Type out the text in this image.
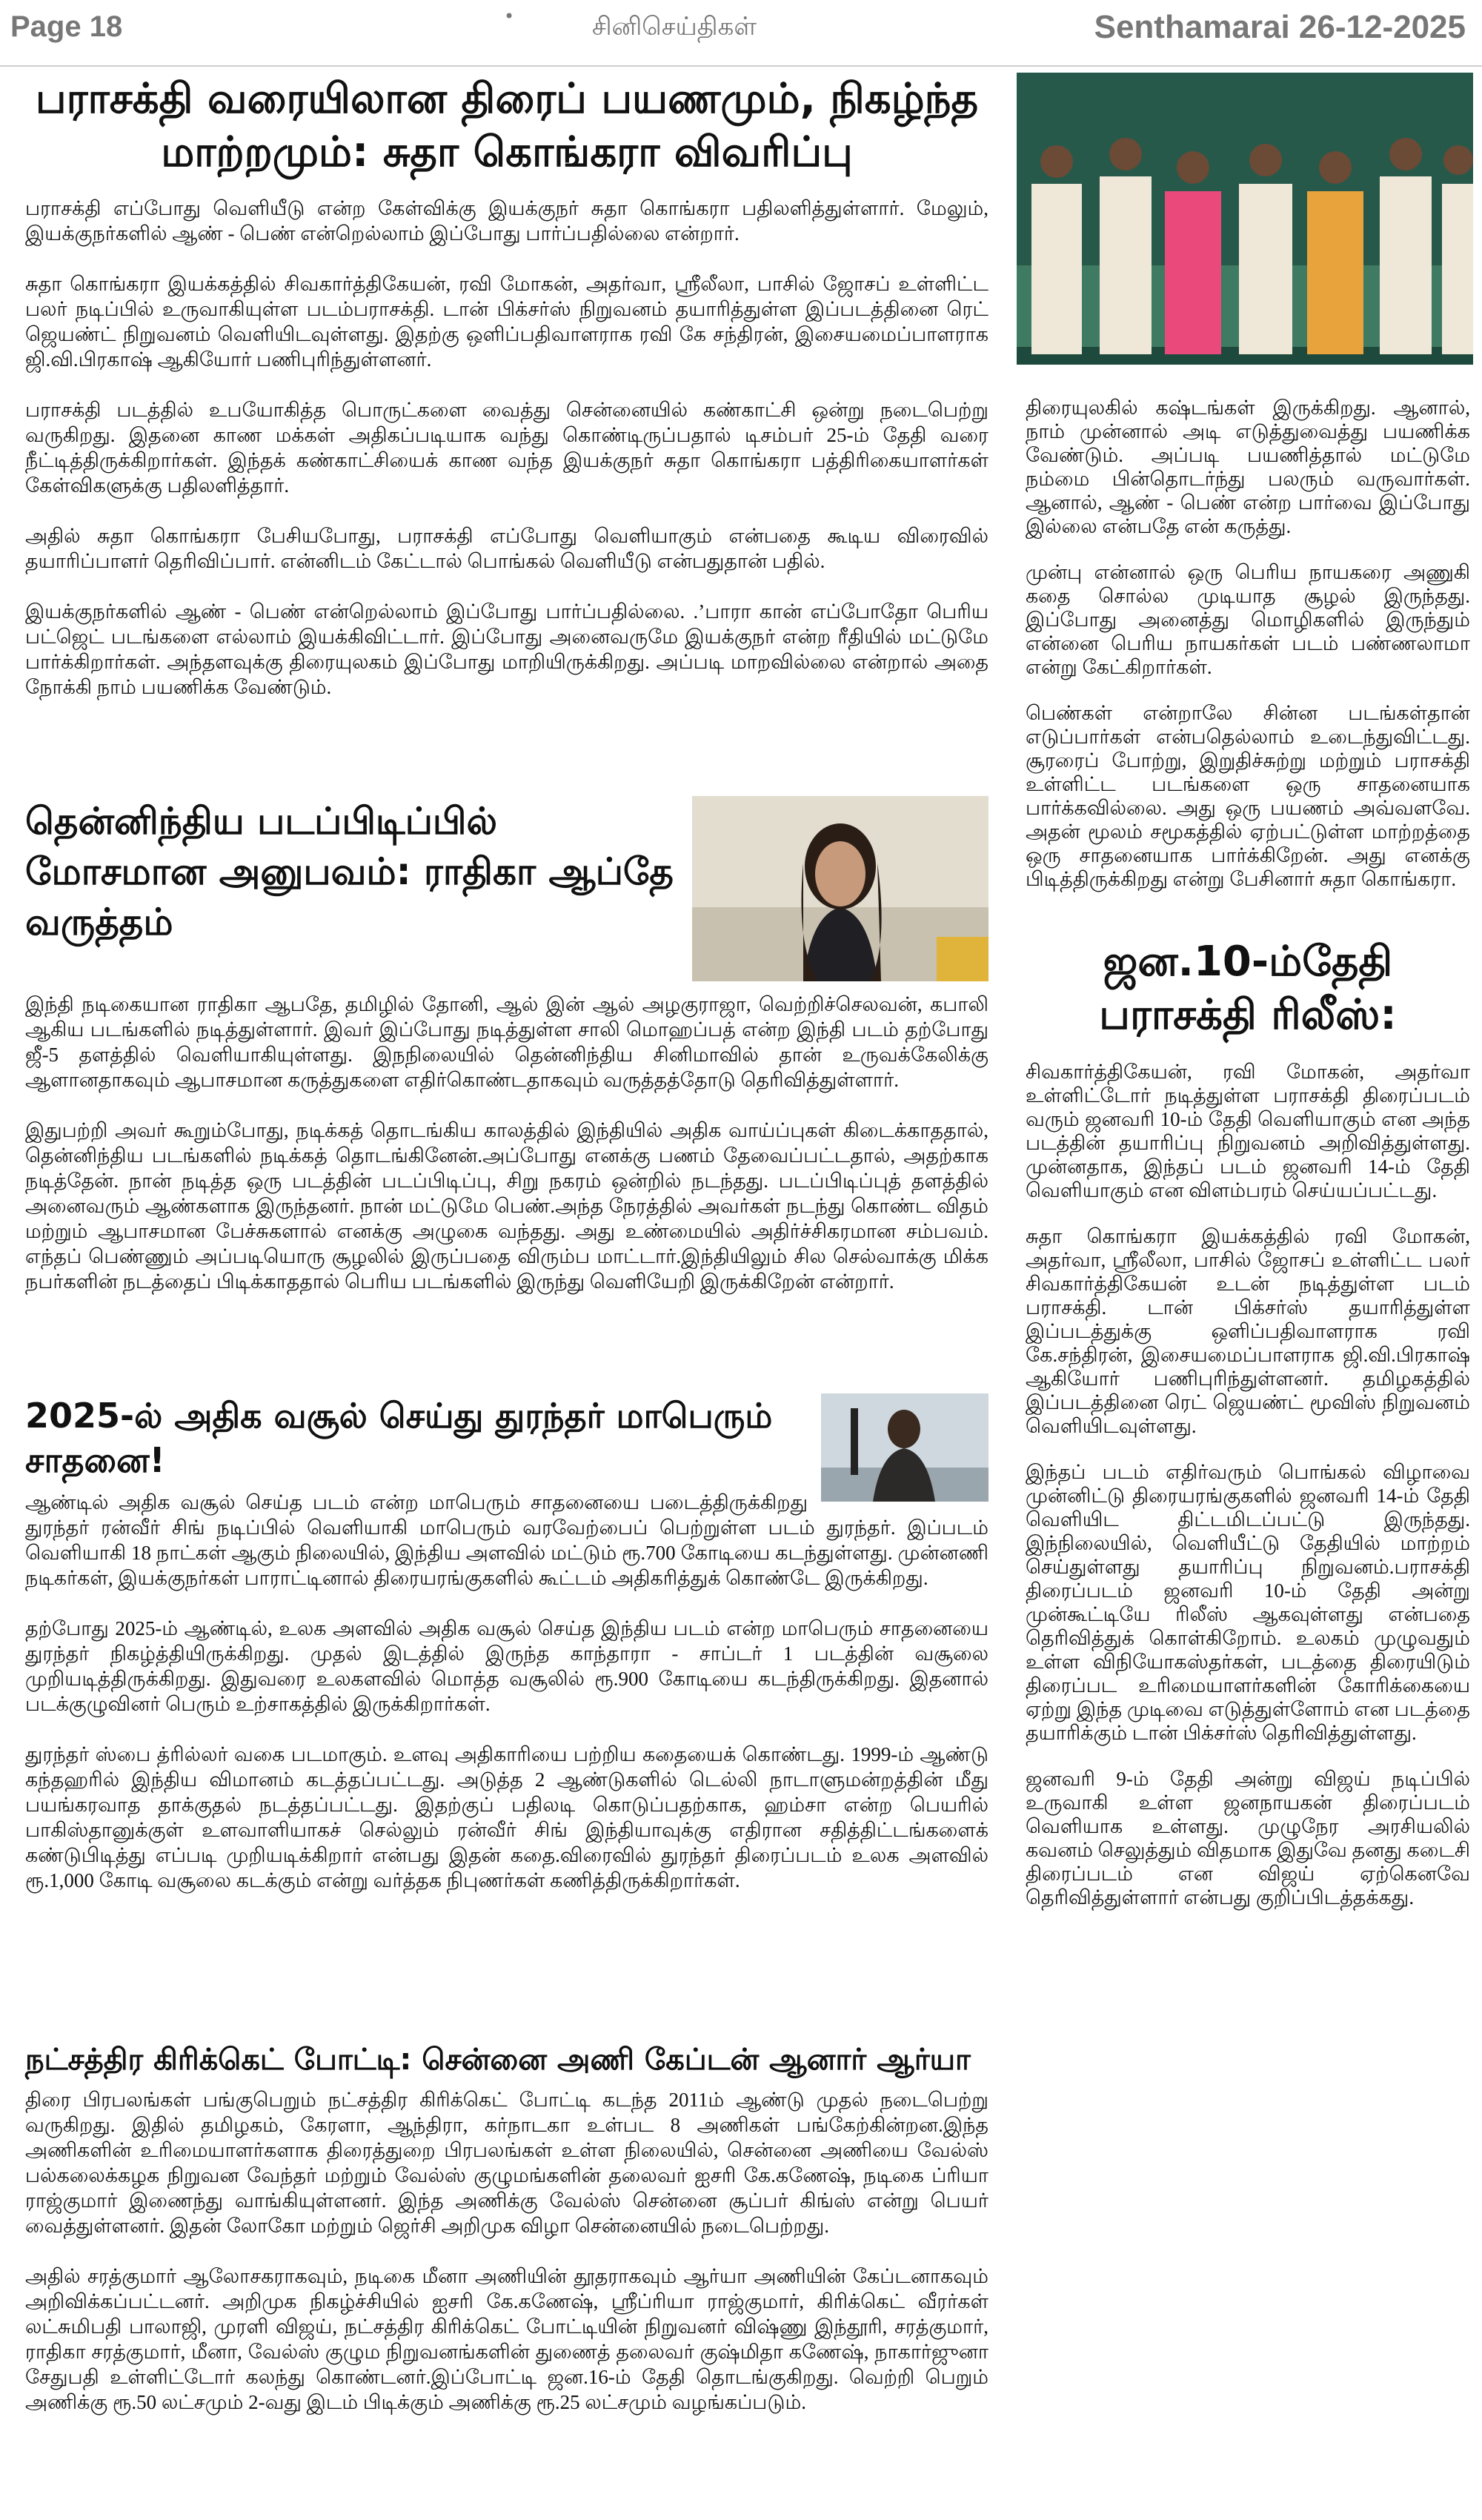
Page 18	•	சினிசெய்திகள்	Senthamarai 26-12-2025
பராசக்தி வரையிலான திரைப் பயணமும், நிகழ்ந்த மாற்றமும்: சுதா கொங்கரா விவரிப்பு

பராசக்தி எப்போது வெளியீடு என்ற கேள்விக்கு இயக்குநர் சுதா கொங்கரா பதிலளித்துள்ளார். மேலும், இயக்குநர்களில் ஆண் - பெண் என்றெல்லாம் இப்போது பார்ப்பதில்லை என்றார்.

சுதா கொங்கரா இயக்கத்தில் சிவகார்த்திகேயன், ரவி மோகன், அதர்வா, ஸ்ரீலீலா, பாசில் ஜோசப் உள்ளிட்ட பலர் நடிப்பில் உருவாகியுள்ள படம்பராசக்தி. டான் பிக்சர்ஸ் நிறுவனம் தயாரித்துள்ள இப்படத்தினை ரெட் ஜெயண்ட் நிறுவனம் வெளியிடவுள்ளது. இதற்கு ஒளிப்பதிவாளராக ரவி கே சந்திரன், இசையமைப்பாளராக ஜி.வி.பிரகாஷ் ஆகியோர் பணிபுரிந்துள்ளனர்.

பராசக்தி படத்தில் உபயோகித்த பொருட்களை வைத்து சென்னையில் கண்காட்சி ஒன்று நடைபெற்று வருகிறது. இதனை காண மக்கள் அதிகப்படியாக வந்து கொண்டிருப்பதால் டிசம்பர் 25-ம் தேதி வரை நீட்டித்திருக்கிறார்கள். இந்தக் கண்காட்சியைக் காண வந்த இயக்குநர் சுதா கொங்கரா பத்திரிகையாளர்கள் கேள்விகளுக்கு பதிலளித்தார்.

அதில் சுதா கொங்கரா பேசியபோது, பராசக்தி எப்போது வெளியாகும் என்பதை கூடிய விரைவில் தயாரிப்பாளர் தெரிவிப்பார். என்னிடம் கேட்டால் பொங்கல் வெளியீடு என்பதுதான் பதில்.

இயக்குநர்களில் ஆண் - பெண் என்றெல்லாம் இப்போது பார்ப்பதில்லை. .’பாரா கான் எப்போதோ பெரிய பட்ஜெட் படங்களை எல்லாம் இயக்கிவிட்டார். இப்போது அனைவருமே இயக்குநர் என்ற ரீதியில் மட்டுமே பார்க்கிறார்கள். அந்தளவுக்கு திரையுலகம் இப்போது மாறியிருக்கிறது. அப்படி மாறவில்லை என்றால் அதை நோக்கி நாம் பயணிக்க வேண்டும்.

தென்னிந்திய படப்பிடிப்பில் மோசமான அனுபவம்: ராதிகா ஆப்தே வருத்தம்

இந்தி நடிகையான ராதிகா ஆபதே, தமிழில் தோனி, ஆல் இன் ஆல் அழகுராஜா, வெற்றிச்செலவன், கபாலி ஆகிய படங்களில் நடித்துள்ளார். இவர் இப்போது நடித்துள்ள சாலி மொஹப்பத் என்ற இந்தி படம் தற்போது ஜீ-5 தளத்தில் வெளியாகியுள்ளது. இநநிலையில் தென்னிந்திய சினிமாவில் தான் உருவக்கேலிக்கு ஆளானதாகவும் ஆபாசமான கருத்துகளை எதிர்கொண்டதாகவும் வருத்தத்தோடு தெரிவித்துள்ளார்.

இதுபற்றி அவர் கூறும்போது, நடிக்கத் தொடங்கிய காலத்தில் இந்தியில் அதிக வாய்ப்புகள் கிடைக்காததால், தென்னிந்திய படங்களில் நடிக்கத் தொடங்கினேன்.அப்போது எனக்கு பணம் தேவைப்பட்டதால், அதற்காக நடித்தேன். நான் நடித்த ஒரு படத்தின் படப்பிடிப்பு, சிறு நகரம் ஒன்றில் நடந்தது. படப்பிடிப்புத் தளத்தில் அனைவரும் ஆண்களாக இருந்தனர். நான் மட்டுமே பெண்.அந்த நேரத்தில் அவர்கள் நடந்து கொண்ட விதம் மற்றும் ஆபாசமான பேச்சுகளால் எனக்கு அழுகை வந்தது. அது உண்மையில் அதிர்ச்சிகரமான சம்பவம். எந்தப் பெண்ணும் அப்படியொரு சூழலில் இருப்பதை விரும்ப மாட்டார்.இந்தியிலும் சில செல்வாக்கு மிக்க நபர்களின் நடத்தைப் பிடிக்காததால் பெரிய படங்களில் இருந்து வெளியேறி இருக்கிறேன் என்றார்.

2025-ல் அதிக வசூல் செய்து துரந்தர் மாபெரும் சாதனை!

ஆண்டில் அதிக வசூல் செய்த படம் என்ற மாபெரும் சாதனையை படைத்திருக்கிறது துரந்தர் ரன்வீர் சிங் நடிப்பில் வெளியாகி மாபெரும் வரவேற்பைப் பெற்றுள்ள படம் துரந்தர். இப்படம் வெளியாகி 18 நாட்கள் ஆகும் நிலையில், இந்திய அளவில் மட்டும் ரூ.700 கோடியை கடந்துள்ளது. முன்னணி நடிகர்கள், இயக்குநர்கள் பாராட்டினால் திரையரங்குகளில் கூட்டம் அதிகரித்துக் கொண்டே இருக்கிறது.

தற்போது 2025-ம் ஆண்டில், உலக அளவில் அதிக வசூல் செய்த இந்திய படம் என்ற மாபெரும் சாதனையை துரந்தர் நிகழ்த்தியிருக்கிறது. முதல் இடத்தில் இருந்த காந்தாரா - சாப்டர் 1 படத்தின் வசூலை முறியடித்திருக்கிறது. இதுவரை உலகளவில் மொத்த வசூலில் ரூ.900 கோடியை கடந்திருக்கிறது. இதனால் படக்குழுவினர் பெரும் உற்சாகத்தில் இருக்கிறார்கள்.

துரந்தர் ஸ்பை த்ரில்லர் வகை படமாகும். உளவு அதிகாரியை பற்றிய கதையைக் கொண்டது. 1999-ம் ஆண்டு கந்தஹரில் இந்திய விமானம் கடத்தப்பட்டது. அடுத்த 2 ஆண்டுகளில் டெல்லி நாடாளுமன்றத்தின் மீது பயங்கரவாத தாக்குதல் நடத்தப்பட்டது. இதற்குப் பதிலடி கொடுப்பதற்காக, ஹம்சா என்ற பெயரில் பாகிஸ்தானுக்குள் உளவாளியாகச் செல்லும் ரன்வீர் சிங் இந்தியாவுக்கு எதிரான சதித்திட்டங்களைக் கண்டுபிடித்து எப்படி முறியடிக்கிறார் என்பது இதன் கதை.விரைவில் துரந்தர் திரைப்படம் உலக அளவில் ரூ.1,000 கோடி வசூலை கடக்கும் என்று வர்த்தக நிபுணர்கள் கணித்திருக்கிறார்கள்.

நட்சத்திர கிரிக்கெட் போட்டி: சென்னை அணி கேப்டன் ஆனார் ஆர்யா

திரை பிரபலங்கள் பங்குபெறும் நட்சத்திர கிரிக்கெட் போட்டி கடந்த 2011ம் ஆண்டு முதல் நடைபெற்று வருகிறது. இதில் தமிழகம், கேரளா, ஆந்திரா, கர்நாடகா உள்பட 8 அணிகள் பங்கேற்கின்றன.இந்த அணிகளின் உரிமையாளர்களாக திரைத்துறை பிரபலங்கள் உள்ள நிலையில், சென்னை அணியை வேல்ஸ் பல்கலைக்கழக நிறுவன வேந்தர் மற்றும் வேல்ஸ் குழுமங்களின் தலைவர் ஐசரி கே.கணேஷ், நடிகை ப்ரியா ராஜ்குமார் இணைந்து வாங்கியுள்ளனர். இந்த அணிக்கு வேல்ஸ் சென்னை சூப்பர் கிங்ஸ் என்று பெயர் வைத்துள்ளனர். இதன் லோகோ மற்றும் ஜெர்சி அறிமுக விழா சென்னையில் நடைபெற்றது.

அதில் சரத்குமார் ஆலோசகராகவும், நடிகை மீனா அணியின் தூதராகவும் ஆர்யா அணியின் கேப்டனாகவும் அறிவிக்கப்பட்டனர். அறிமுக நிகழ்ச்சியில் ஐசரி கே.கணேஷ், ஸ்ரீப்ரியா ராஜ்குமார், கிரிக்கெட் வீரர்கள் லட்சுமிபதி பாலாஜி, முரளி விஜய், நட்சத்திர கிரிக்கெட் போட்டியின் நிறுவனர் விஷ்ணு இந்தூரி, சரத்குமார், ராதிகா சரத்குமார், மீனா, வேல்ஸ் குழும நிறுவனங்களின் துணைத் தலைவர் குஷ்மிதா கணேஷ், நாகார்ஜுனா சேதுபதி உள்ளிட்டோர் கலந்து கொண்டனர்.இப்போட்டி ஜன.16-ம் தேதி தொடங்குகிறது. வெற்றி பெறும் அணிக்கு ரூ.50 லட்சமும் 2-வது இடம் பிடிக்கும் அணிக்கு ரூ.25 லட்சமும் வழங்கப்படும்.

திரையுலகில் கஷ்டங்கள் இருக்கிறது. ஆனால், நாம் முன்னால் அடி எடுத்துவைத்து பயணிக்க வேண்டும். அப்படி பயணித்தால் மட்டுமே நம்மை பின்தொடர்ந்து பலரும் வருவார்கள். ஆனால், ஆண் - பெண் என்ற பார்வை இப்போது இல்லை என்பதே என் கருத்து.

முன்பு என்னால் ஒரு பெரிய நாயகரை அணுகி கதை சொல்ல முடியாத சூழல் இருந்தது. இப்போது அனைத்து மொழிகளில் இருந்தும் என்னை பெரிய நாயகர்கள் படம் பண்ணலாமா என்று கேட்கிறார்கள்.

பெண்கள் என்றாலே சின்ன படங்கள்தான் எடுப்பார்கள் என்பதெல்லாம் உடைந்துவிட்டது. சூரரைப் போற்று, இறுதிச்சுற்று மற்றும் பராசக்தி உள்ளிட்ட படங்களை ஒரு சாதனையாக பார்க்கவில்லை. அது ஒரு பயணம் அவ்வளவே. அதன் மூலம் சமூகத்தில் ஏற்பட்டுள்ள மாற்றத்தை ஒரு சாதனையாக பார்க்கிறேன். அது எனக்கு பிடித்திருக்கிறது என்று பேசினார் சுதா கொங்கரா.

ஜன.10-ம்தேதி பராசக்தி ரிலீஸ்:

சிவகார்த்திகேயன், ரவி மோகன், அதர்வா உள்ளிட்டோர் நடித்துள்ள பராசக்தி திரைப்படம் வரும் ஜனவரி 10-ம் தேதி வெளியாகும் என அந்த படத்தின் தயாரிப்பு நிறுவனம் அறிவித்துள்ளது. முன்னதாக, இந்தப் படம் ஜனவரி 14-ம் தேதி வெளியாகும் என விளம்பரம் செய்யப்பட்டது.

சுதா கொங்கரா இயக்கத்தில் ரவி மோகன், அதர்வா, ஸ்ரீலீலா, பாசில் ஜோசப் உள்ளிட்ட பலர் சிவகார்த்திகேயன் உடன் நடித்துள்ள படம் பராசக்தி. டான் பிக்சர்ஸ் தயாரித்துள்ள இப்படத்துக்கு ஒளிப்பதிவாளராக ரவி கே.சந்திரன், இசையமைப்பாளராக ஜி.வி.பிரகாஷ் ஆகியோர் பணிபுரிந்துள்ளனர். தமிழகத்தில் இப்படத்தினை ரெட் ஜெயண்ட் மூவிஸ் நிறுவனம் வெளியிடவுள்ளது.

இந்தப் படம் எதிர்வரும் பொங்கல் விழாவை முன்னிட்டு திரையரங்குகளில் ஜனவரி 14-ம் தேதி வெளியிட திட்டமிடப்பட்டு இருந்தது. இந்நிலையில், வெளியீட்டு தேதியில் மாற்றம் செய்துள்ளது தயாரிப்பு நிறுவனம்.பராசக்தி திரைப்படம் ஜனவரி 10-ம் தேதி அன்று முன்கூட்டியே ரிலீஸ் ஆகவுள்ளது என்பதை தெரிவித்துக் கொள்கிறோம். உலகம் முழுவதும் உள்ள விநியோகஸ்தர்கள், படத்தை திரையிடும் திரைப்பட உரிமையாளர்களின் கோரிக்கையை ஏற்று இந்த முடிவை எடுத்துள்ளோம் என படத்தை தயாரிக்கும் டான் பிக்சர்ஸ் தெரிவித்துள்ளது.

ஜனவரி 9-ம் தேதி அன்று விஜய் நடிப்பில் உருவாகி உள்ள ஜனநாயகன் திரைப்படம் வெளியாக உள்ளது. முழுநேர அரசியலில் கவனம் செலுத்தும் விதமாக இதுவே தனது கடைசி திரைப்படம் என விஜய் ஏற்கெனவே தெரிவித்துள்ளார் என்பது குறிப்பிடத்தக்கது.
